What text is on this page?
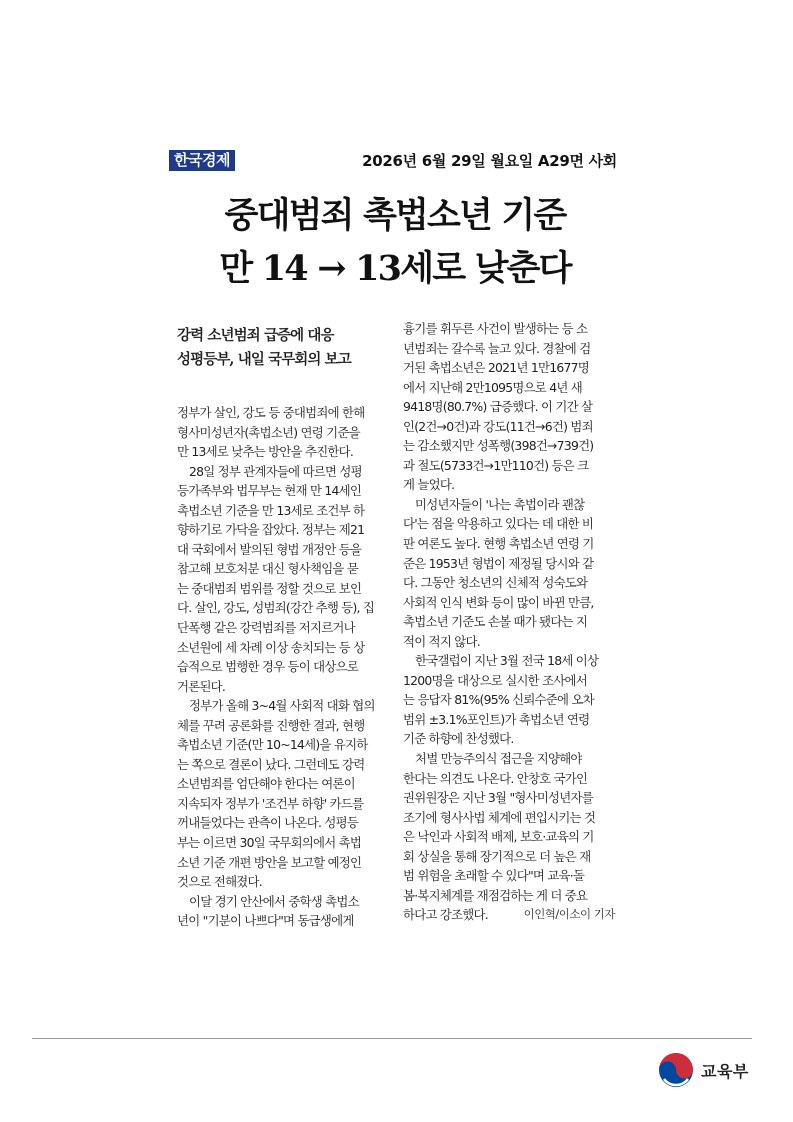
한국경제	2026년 6월 29일 월요일 A29면 사회
중대범죄 촉법소년 기준
만 14 → 13세로 낮춘다
강력 소년범죄 급증에 대응
성평등부, 내일 국무회의 보고
정부가 살인, 강도 등 중대범죄에 한해
형사미성년자(촉법소년) 연령 기준을
만 13세로 낮추는 방안을 추진한다.
28일 정부 관계자들에 따르면 성평
등가족부와 법무부는 현재 만 14세인
촉법소년 기준을 만 13세로 조건부 하
향하기로 가닥을 잡았다. 정부는 제21
대 국회에서 발의된 형법 개정안 등을
참고해 보호처분 대신 형사책임을 묻
는 중대범죄 범위를 정할 것으로 보인
다. 살인, 강도, 성범죄(강간 추행 등), 집
단폭행 같은 강력범죄를 저지르거나
소년원에 세 차례 이상 송치되는 등 상
습적으로 범행한 경우 등이 대상으로
거론된다.
정부가 올해 3~4월 사회적 대화 협의
체를 꾸려 공론화를 진행한 결과, 현행
촉법소년 기준(만 10~14세)을 유지하
는 쪽으로 결론이 났다. 그런데도 강력
소년범죄를 엄단해야 한다는 여론이
지속되자 정부가 '조건부 하향' 카드를
꺼내들었다는 관측이 나온다. 성평등
부는 이르면 30일 국무회의에서 촉법
소년 기준 개편 방안을 보고할 예정인
것으로 전해졌다.
이달 경기 안산에서 중학생 촉법소
년이 "기분이 나쁘다"며 동급생에게
흉기를 휘두른 사건이 발생하는 등 소
년범죄는 갈수록 늘고 있다. 경찰에 검
거된 촉법소년은 2021년 1만1677명
에서 지난해 2만1095명으로 4년 새
9418명(80.7%) 급증했다. 이 기간 살
인(2건→0건)과 강도(11건→6건) 범죄
는 감소했지만 성폭행(398건→739건)
과 절도(5733건→1만110건) 등은 크
게 늘었다.
미성년자들이 '나는 촉법이라 괜찮
다'는 점을 악용하고 있다는 데 대한 비
판 여론도 높다. 현행 촉법소년 연령 기
준은 1953년 형법이 제정될 당시와 같
다. 그동안 청소년의 신체적 성숙도와
사회적 인식 변화 등이 많이 바뀐 만큼,
촉법소년 기준도 손볼 때가 됐다는 지
적이 적지 않다.
한국갤럽이 지난 3월 전국 18세 이상
1200명을 대상으로 실시한 조사에서
는 응답자 81%(95% 신뢰수준에 오차
범위 ±3.1%포인트)가 촉법소년 연령
기준 하향에 찬성했다.
처벌 만능주의식 접근을 지양해야
한다는 의견도 나온다. 안창호 국가인
권위원장은 지난 3월 "형사미성년자를
조기에 형사사법 체계에 편입시키는 것
은 낙인과 사회적 배제, 보호·교육의 기
회 상실을 통해 장기적으로 더 높은 재
범 위험을 초래할 수 있다"며 교육·돌
봄·복지체계를 재점검하는 게 더 중요
하다고 강조했다.	이인혁/이소이 기자
교육부
